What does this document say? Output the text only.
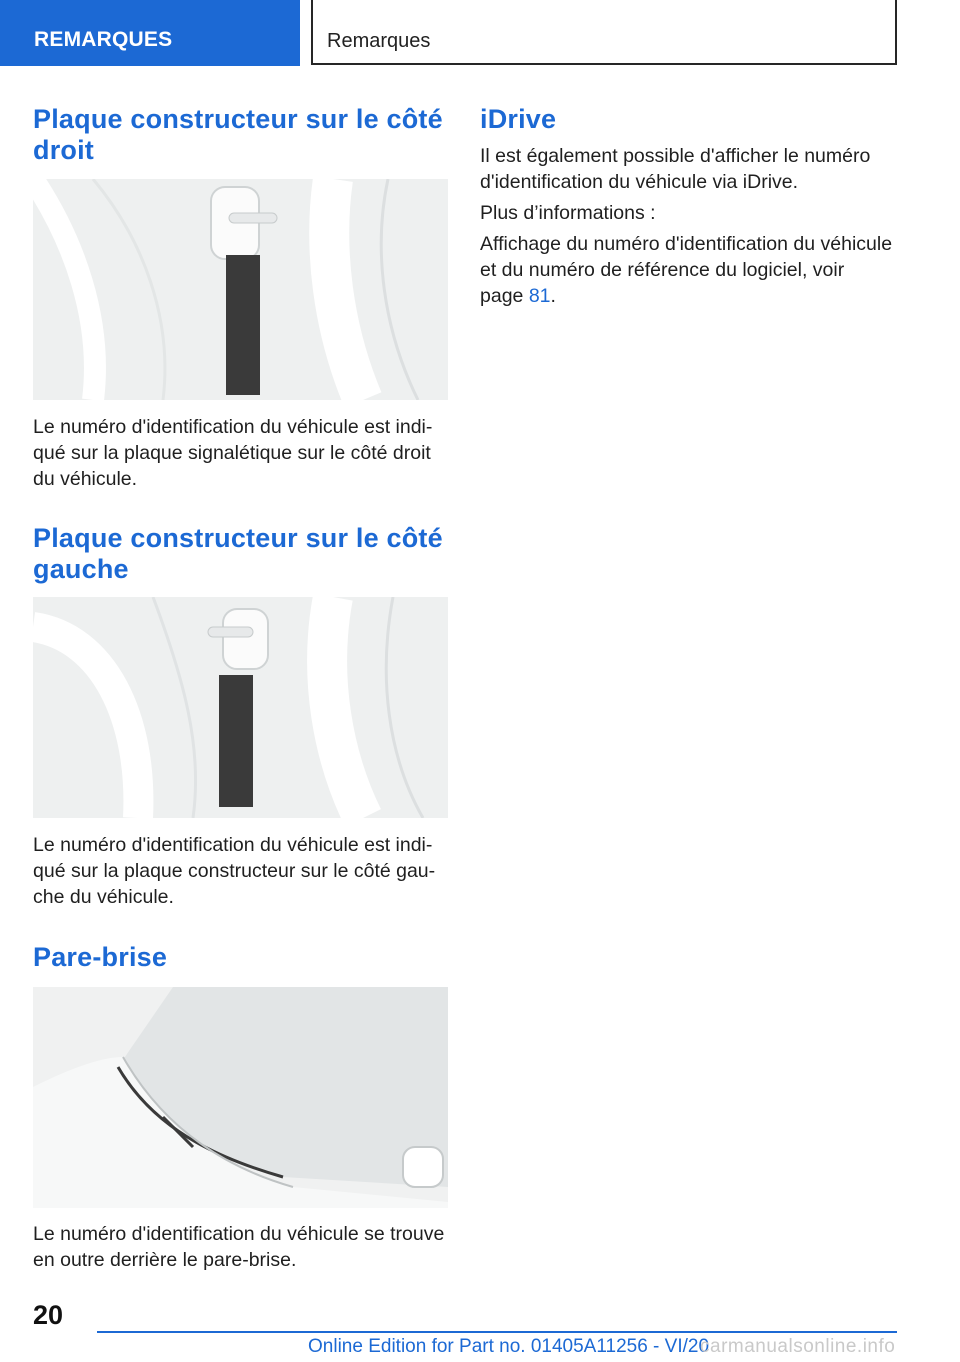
REMARQUES	Remarques
Plaque constructeur sur le côté droit

Le numéro d'identification du véhicule est indiqué sur la plaque signalétique sur le côté droit du véhicule.

Plaque constructeur sur le côté gauche

Le numéro d'identification du véhicule est indiqué sur la plaque constructeur sur le côté gauche du véhicule.

Pare-brise

Le numéro d'identification du véhicule se trouve en outre derrière le pare-brise.

iDrive

Il est également possible d'afficher le numéro d'identification du véhicule via iDrive.

Plus d’informations :

Affichage du numéro d'identification du véhicule et du numéro de référence du logiciel, voir
page 81.

20
Online Edition for Part no. 01405A11256 - VI/20
carmanualsonline.info
